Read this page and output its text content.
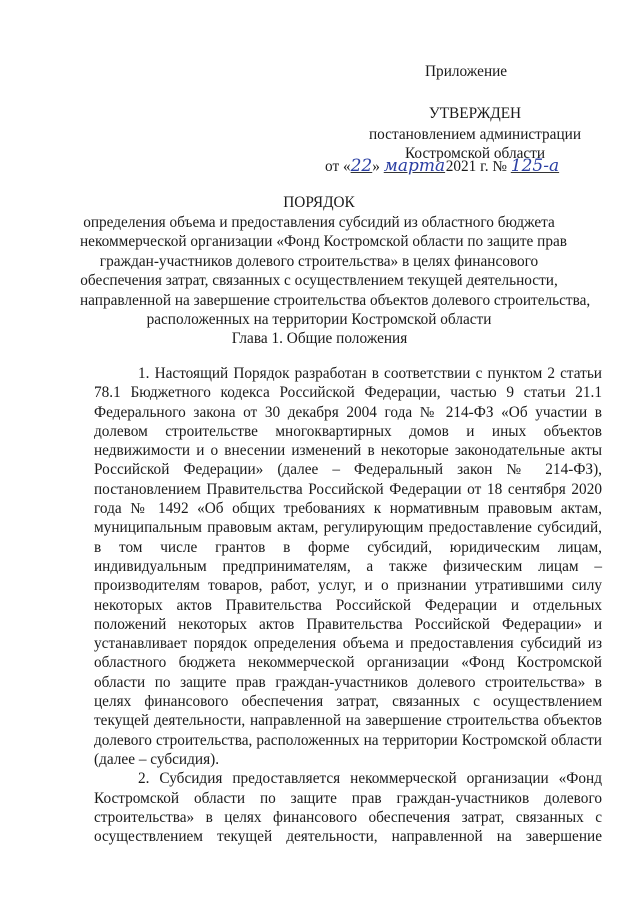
Приложение
УТВЕРЖДЕН
постановлением администрации
Костромской области
от «22» марта2021 г. № 125-а
ПОРЯДОК
определения объема и предоставления субсидий из областного бюджета
некоммерческой организации «Фонд Костромской области по защите прав
граждан-участников долевого строительства» в целях финансового
обеспечения затрат, связанных с осуществлением текущей деятельности,
направленной на завершение строительства объектов долевого строительства,
расположенных на территории Костромской области
Глава 1. Общие положения

1. Настоящий Порядок разработан в соответствии с пунктом 2 статьи 78.1 Бюджетного кодекса Российской Федерации, частью 9 статьи 21.1 Федерального закона от 30 декабря 2004 года № 214-ФЗ «Об участии в долевом строительстве многоквартирных домов и иных объектов недвижимости и о внесении изменений в некоторые законодательные акты Российской Федерации» (далее – Федеральный закон № 214-ФЗ), постановлением Правительства Российской Федерации от 18 сентября 2020 года № 1492 «Об общих требованиях к нормативным правовым актам, муниципальным правовым актам, регулирующим предоставление субсидий, в том числе грантов в форме субсидий, юридическим лицам, индивидуальным предпринимателям, а также физическим лицам – производителям товаров, работ, услуг, и о признании утратившими силу некоторых актов Правительства Российской Федерации и отдельных положений некоторых актов Правительства Российской Федерации» и устанавливает порядок определения объема и предоставления субсидий из областного бюджета некоммерческой организации «Фонд Костромской области по защите прав граждан-участников долевого строительства» в целях финансового обеспечения затрат, связанных с осуществлением текущей деятельности, направленной на завершение строительства объектов долевого строительства, расположенных на территории Костромской области (далее – субсидия).

2. Субсидия предоставляется некоммерческой организации «Фонд Костромской области по защите прав граждан-участников долевого строительства» в целях финансового обеспечения затрат, связанных с осуществлением текущей деятельности, направленной на завершение
